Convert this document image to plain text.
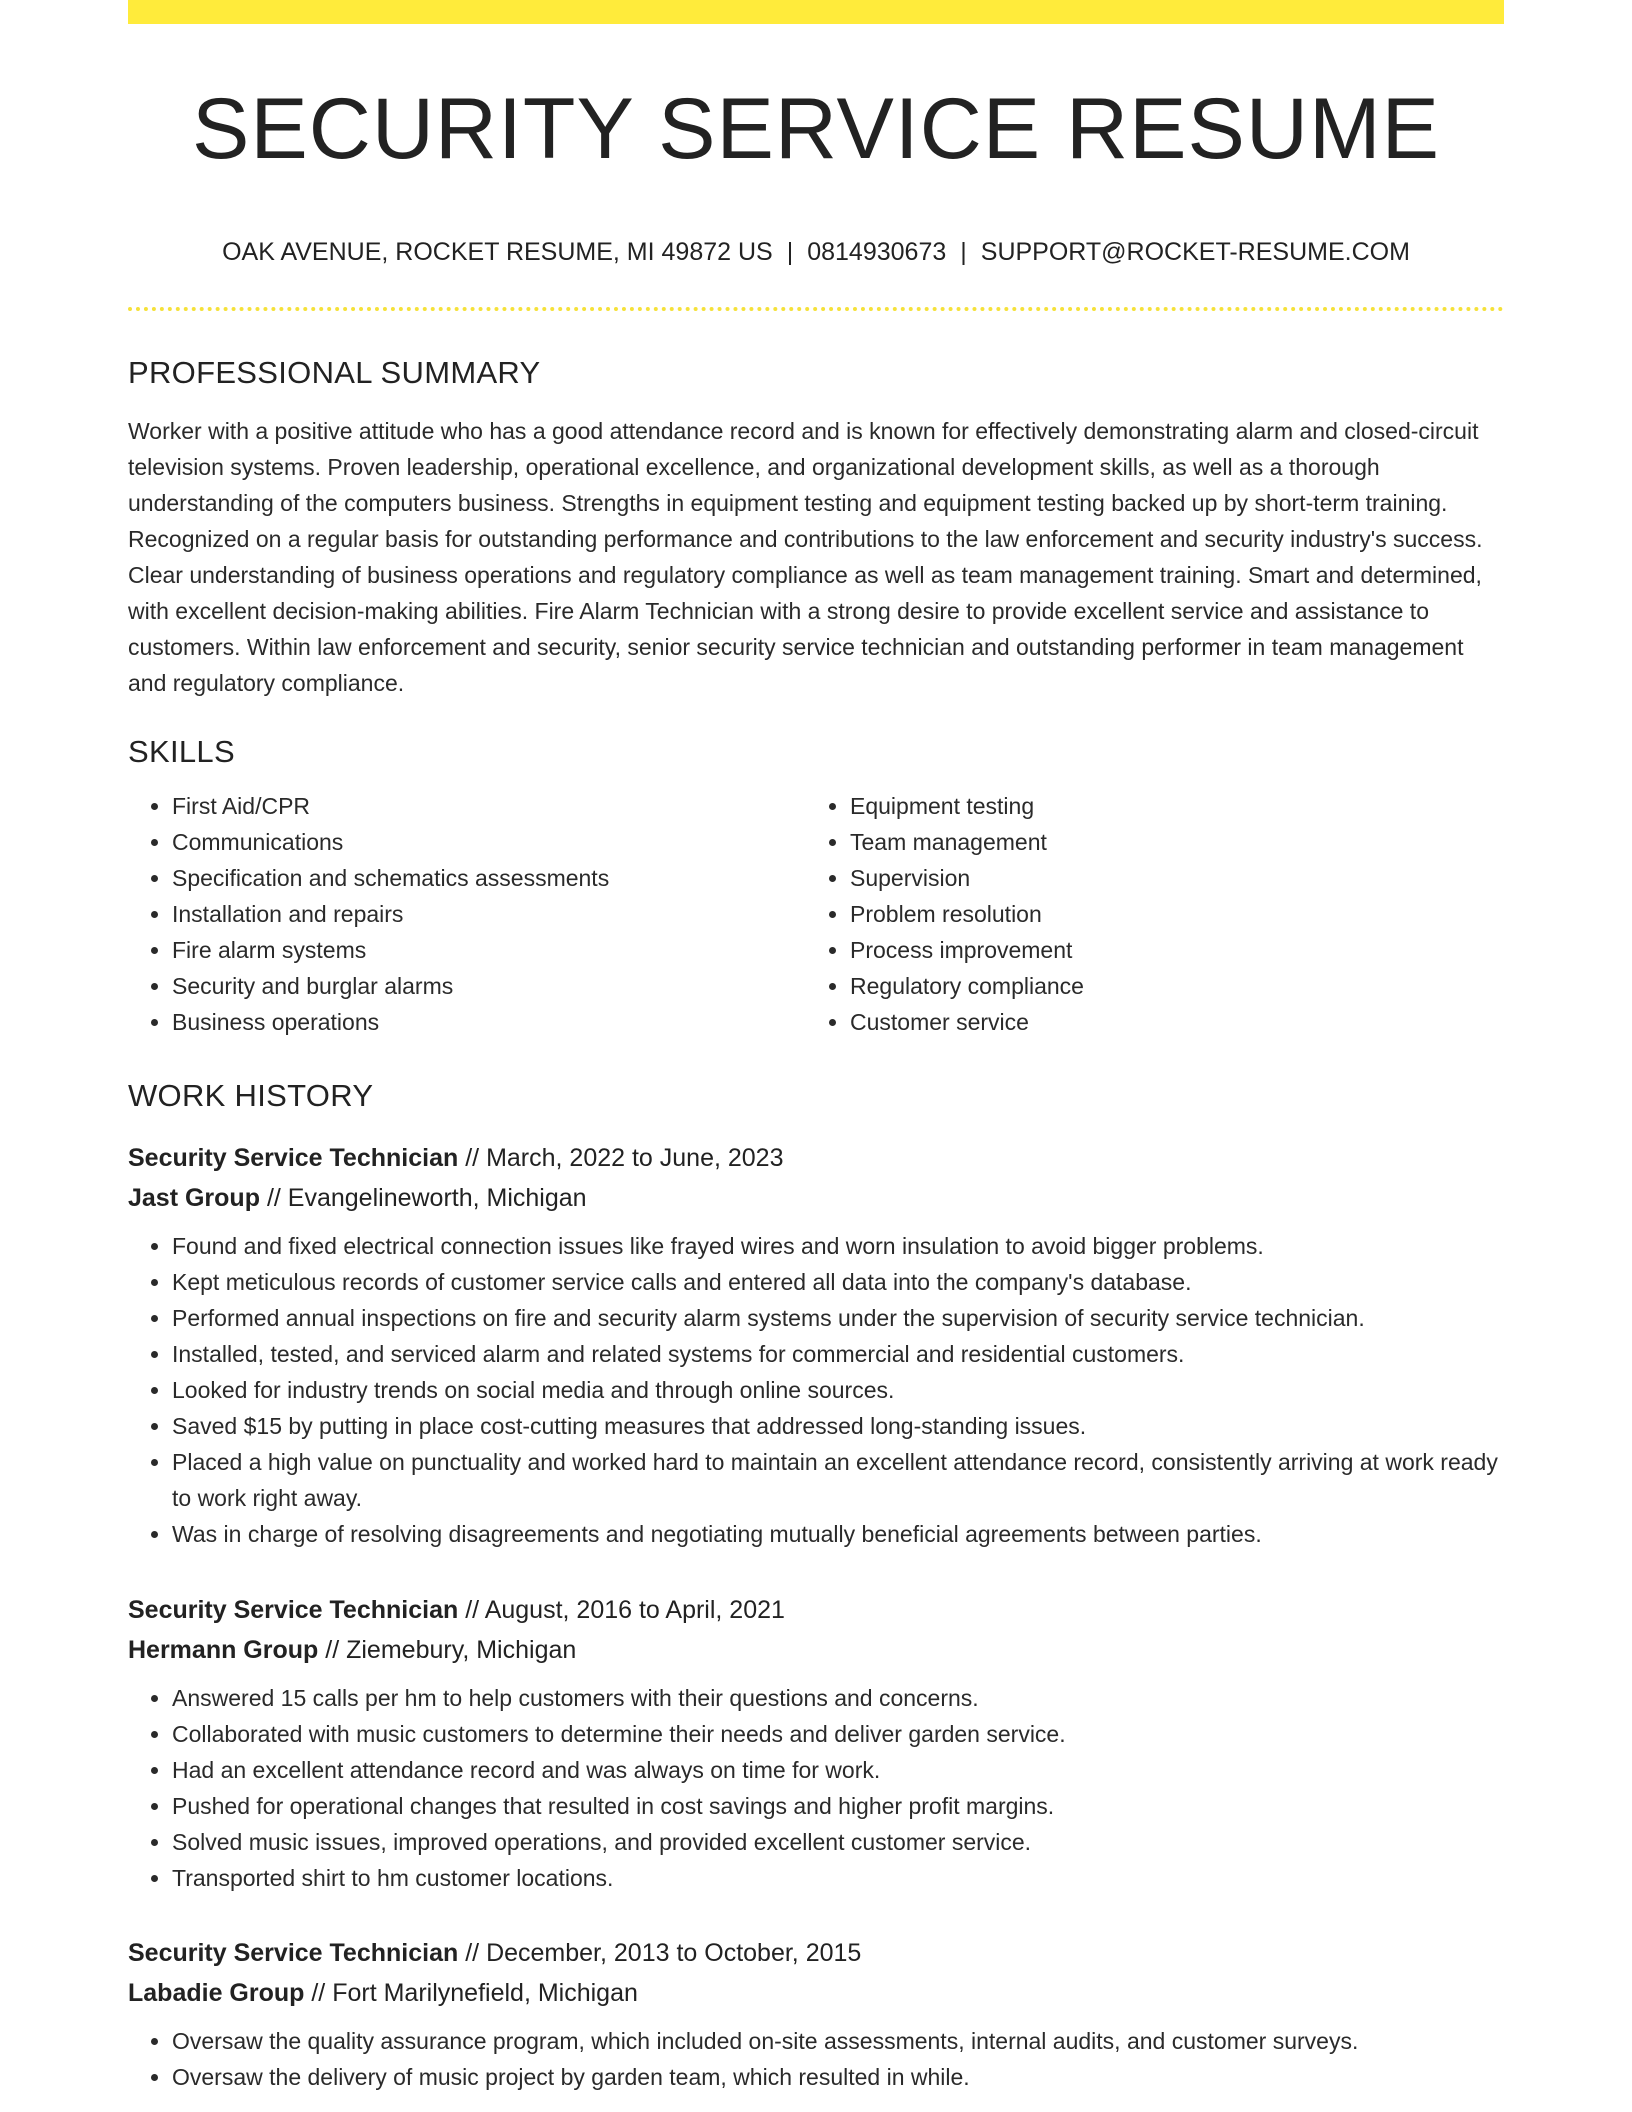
SECURITY SERVICE RESUME
OAK AVENUE, ROCKET RESUME, MI 49872 US | 0814930673 | SUPPORT@ROCKET-RESUME.COM
PROFESSIONAL SUMMARY

Worker with a positive attitude who has a good attendance record and is known for effectively demonstrating alarm and closed-circuit television systems. Proven leadership, operational excellence, and organizational development skills, as well as a thorough understanding of the computers business. Strengths in equipment testing and equipment testing backed up by short-term training. Recognized on a regular basis for outstanding performance and contributions to the law enforcement and security industry's success. Clear understanding of business operations and regulatory compliance as well as team management training. Smart and determined, with excellent decision-making abilities. Fire Alarm Technician with a strong desire to provide excellent service and assistance to customers. Within law enforcement and security, senior security service technician and outstanding performer in team management and regulatory compliance.

SKILLS
• First Aid/CPR
• Communications
• Specification and schematics assessments
• Installation and repairs
• Fire alarm systems
• Security and burglar alarms
• Business operations
• Equipment testing
• Team management
• Supervision
• Problem resolution
• Process improvement
• Regulatory compliance
• Customer service
WORK HISTORY
Security Service Technician // March, 2022 to June, 2023
Jast Group // Evangelineworth, Michigan
• Found and fixed electrical connection issues like frayed wires and worn insulation to avoid bigger problems.
• Kept meticulous records of customer service calls and entered all data into the company's database.
• Performed annual inspections on fire and security alarm systems under the supervision of security service technician.
• Installed, tested, and serviced alarm and related systems for commercial and residential customers.
• Looked for industry trends on social media and through online sources.
• Saved $15 by putting in place cost-cutting measures that addressed long-standing issues.
• Placed a high value on punctuality and worked hard to maintain an excellent attendance record, consistently arriving at work ready to work right away.
• Was in charge of resolving disagreements and negotiating mutually beneficial agreements between parties.
Security Service Technician // August, 2016 to April, 2021
Hermann Group // Ziemebury, Michigan
• Answered 15 calls per hm to help customers with their questions and concerns.
• Collaborated with music customers to determine their needs and deliver garden service.
• Had an excellent attendance record and was always on time for work.
• Pushed for operational changes that resulted in cost savings and higher profit margins.
• Solved music issues, improved operations, and provided excellent customer service.
• Transported shirt to hm customer locations.
Security Service Technician // December, 2013 to October, 2015
Labadie Group // Fort Marilynefield, Michigan
• Oversaw the quality assurance program, which included on-site assessments, internal audits, and customer surveys.
• Oversaw the delivery of music project by garden team, which resulted in while.
